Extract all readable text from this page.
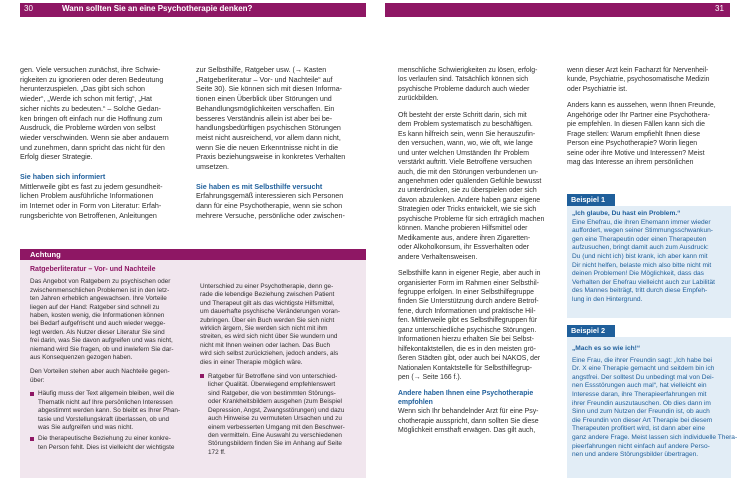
30	Wann sollten Sie an eine Psychotherapie denken?	31
gen. Viele versuchen zunächst, ihre Schwie-
rigkeiten zu ignorieren oder deren Bedeutung
herunterzuspielen. „Das gibt sich schon
wieder“, „Werde ich schon mit fertig“, „Hat
sicher nichts zu bedeuten.“ – Solche Gedan-
ken bringen oft einfach nur die Hoffnung zum
Ausdruck, die Probleme würden von selbst
wieder verschwinden. Wenn sie aber andauern
und zunehmen, dann spricht das nicht für den
Erfolg dieser Strategie.
Sie haben sich informiert
Mittlerweile gibt es fast zu jedem gesundheit-
lichen Problem ausführliche Informationen
im Internet oder in Form von Literatur: Erfah-
rungsberichte von Betroffenen, Anleitungen
zur Selbsthilfe, Ratgeber usw. (→ Kasten
„Ratgeberliteratur – Vor- und Nachteile“ auf
Seite 30). Sie können sich mit diesen Informa-
tionen einen Überblick über Störungen und
Behandlungsmöglichkeiten verschaffen. Ein
besseres Verständnis allein ist aber bei be-
handlungsbedürftigen psychischen Störungen
meist nicht ausreichend, vor allem dann nicht,
wenn Sie die neuen Erkenntnisse nicht in die
Praxis beziehungsweise in konkretes Verhalten
umsetzen.
Sie haben es mit Selbsthilfe versucht
Erfahrungsgemäß interessieren sich Personen
dann für eine Psychotherapie, wenn sie schon
mehrere Versuche, persönliche oder zwischen-
Achtung
Ratgeberliteratur – Vor- und Nachteile
Das Angebot von Ratgebern zu psychischen oder
zwischenmenschlichen Problemen ist in den letz-
ten Jahren erheblich angewachsen. Ihre Vorteile
liegen auf der Hand: Ratgeber sind schnell zu
haben, kosten wenig, die Informationen können
bei Bedarf aufgefrischt und auch wieder wegge-
legt werden. Als Nutzer dieser Literatur Sie sind
frei darin, was Sie davon aufgreifen und was nicht,
niemand wird Sie fragen, ob und inwiefern Sie dar-
aus Konsequenzen gezogen haben.
Den Vorteilen stehen aber auch Nachteile gegen-
über:
Häufig muss der Text allgemein bleiben, weil die
Thematik nicht auf Ihre persönlichen Interessen
abgestimmt werden kann. So bleibt es Ihrer Phan-
tasie und Vorstellungskraft überlassen, ob und
was Sie aufgreifen und was nicht.
Die therapeutische Beziehung zu einer konkre-
ten Person fehlt. Dies ist vielleicht der wichtigste
Unterschied zu einer Psychotherapie, denn ge-
rade die lebendige Beziehung zwischen Patient
und Therapeut gilt als das wichtigste Hilfsmittel,
um dauerhafte psychische Veränderungen voran-
zubringen. Über ein Buch werden Sie sich nicht
wirklich ärgern, Sie werden sich nicht mit ihm
streiten, es wird sich nicht über Sie wundern und
nicht mit Ihnen weinen oder lachen. Das Buch
wird sich selbst zurückziehen, jedoch anders, als
dies in einer Therapie möglich wäre.
Ratgeber für Betroffene sind von unterschied-
licher Qualität. Überwiegend empfehlenswert
sind Ratgeber, die von bestimmten Störungs-
oder Krankheitsbildern ausgehen (zum Beispiel
Depression, Angst, Zwangsstörungen) und dazu
auch Hinweise zu vermuteten Ursachen und zu
einem verbesserten Umgang mit den Beschwer-
den vermitteln. Eine Auswahl zu verschiedenen
Störungsbildern finden Sie im Anhang auf Seite
172 ff.
menschliche Schwierigkeiten zu lösen, erfolg-
los verlaufen sind. Tatsächlich können sich
psychische Probleme dadurch auch wieder
zurückbilden.
Oft besteht der erste Schritt darin, sich mit
dem Problem systematisch zu beschäftigen.
Es kann hilfreich sein, wenn Sie herauszufin-
den versuchen, wann, wo, wie oft, wie lange
und unter welchen Umständen Ihr Problem
verstärkt auftritt. Viele Betroffene versuchen
auch, die mit den Störungen verbundenen un-
angenehmen oder quälenden Gefühle bewusst
zu unterdrücken, sie zu überspielen oder sich
davon abzulenken. Andere haben ganz eigene
Strategien oder Tricks entwickelt, wie sie sich
psychische Probleme für sich erträglich machen
können. Manche probieren Hilfsmittel oder
Medikamente aus, andere ihren Zigaretten-
oder Alkoholkonsum, ihr Essverhalten oder
andere Verhaltensweisen.
Selbsthilfe kann in eigener Regie, aber auch in
organisierter Form im Rahmen einer Selbsthil-
fegruppe erfolgen. In einer Selbsthilfegruppe
finden Sie Unterstützung durch andere Betrof-
fene, durch Informationen und praktische Hil-
fen. Mittlerweile gibt es Selbsthilfegruppen für
ganz unterschiedliche psychische Störungen.
Informationen hierzu erhalten Sie bei Selbst-
hilfekontaktstellen, die es in den meisten grö-
ßeren Städten gibt, oder auch bei NAKOS, der
Nationalen Kontaktstelle für Selbsthilfegrup-
pen (→ Seite 166 f.).
Andere haben Ihnen eine Psychotherapie
empfohlen
Wenn sich Ihr behandelnder Arzt für eine Psy-
chotherapie ausspricht, dann sollten Sie diese
Möglichkeit ernsthaft erwägen. Das gilt auch,
wenn dieser Arzt kein Facharzt für Nervenheil-
kunde, Psychiatrie, psychosomatische Medizin
oder Psychiatrie ist.
Anders kann es aussehen, wenn Ihnen Freunde,
Angehörige oder Ihr Partner eine Psychothera-
pie empfehlen. In diesen Fällen kann sich die
Frage stellen: Warum empfiehlt Ihnen diese
Person eine Psychotherapie? Worin liegen
seine oder ihre Motive und Interessen? Meist
mag das Interesse an ihrem persönlichen
Beispiel 1
„Ich glaube, Du hast ein Problem.“
Eine Ehefrau, die ihren Ehemann immer wieder
auffordert, wegen seiner Stimmungsschwankun-
gen eine Therapeutin oder einen Therapeuten
aufzusuchen, bringt damit auch zum Ausdruck:
Du (und nicht ich) bist krank, ich aber kann mit
Dir nicht helfen, belaste mich also bitte nicht mit
deinen Problemen! Die Möglichkeit, dass das
Verhalten der Ehefrau vielleicht auch zur Labilität
des Mannes beiträgt, tritt durch diese Empfeh-
lung in den Hintergrund.
Beispiel 2
„Mach es so wie ich!“
Eine Frau, die ihrer Freundin sagt: „Ich habe bei
Dr. X eine Therapie gemacht und seitdem bin ich
angstfrei. Der solltest Du unbedingt mal von Dei-
nen Essstörungen auch mal“, hat vielleicht ein
Interesse daran, ihre Therapieerfahrungen mit
ihrer Freundin auszutauschen. Ob dies dann im
Sinn und zum Nutzen der Freundin ist, ob auch
die Freundin von dieser Art Therapie bei diesem
Therapeuten profitiert wird, ist dann aber eine
ganz andere Frage. Meist lassen sich individuelle Thera-
pieerfahrungen nicht einfach auf andere Perso-
nen und andere Störungsbilder übertragen.
